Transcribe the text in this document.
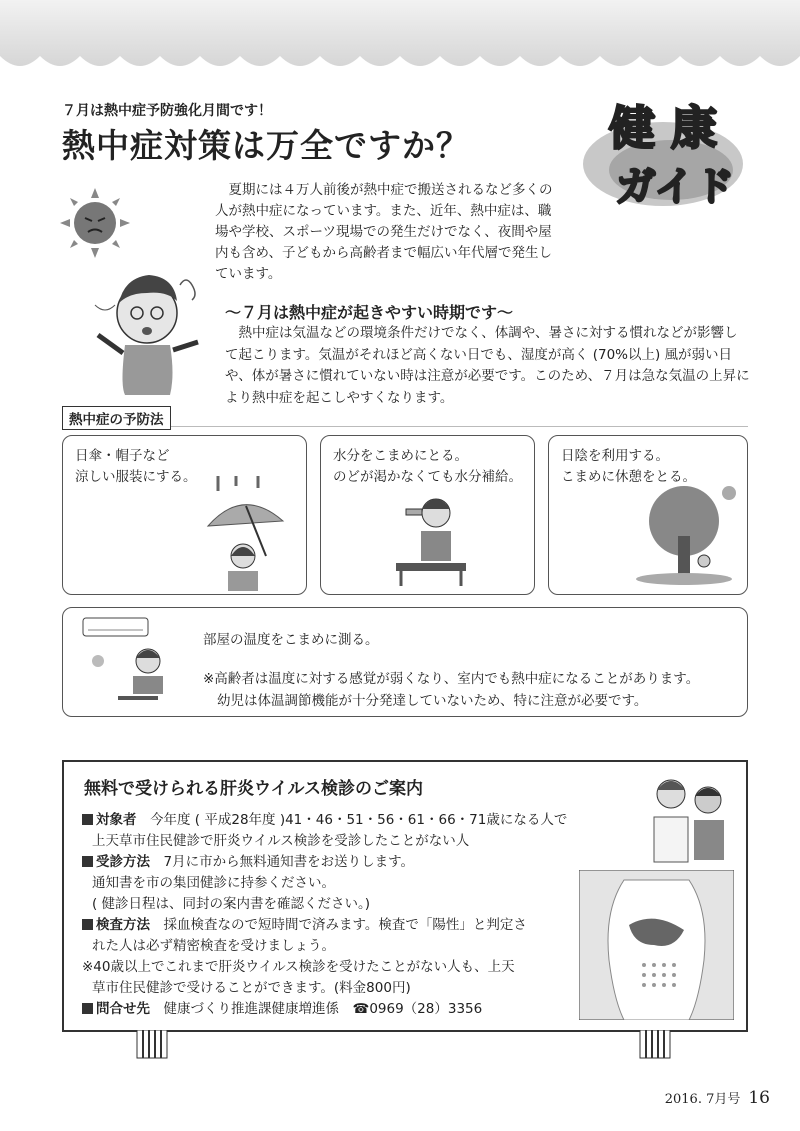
７月は熱中症予防強化月間です！
熱中症対策は万全ですか？	健 康
ガイド
夏期には４万人前後が熱中症で搬送されるなど多くの人が熱中症になっています。また、近年、熱中症は、職場や学校、スポーツ現場での発生だけでなく、夜間や屋内も含め、子どもから高齢者まで幅広い年代層で発生しています。
～７月は熱中症が起きやすい時期です～
熱中症は気温などの環境条件だけでなく、体調や、暑さに対する慣れなどが影響して起こります。気温がそれほど高くない日でも、湿度が高く (70%以上) 風が弱い日や、体が暑さに慣れていない時は注意が必要です。このため、７月は急な気温の上昇により熱中症を起こしやすくなります。
熱中症の予防法
日傘・帽子など
涼しい服装にする。
水分をこまめにとる。
のどが渇かなくても水分補給。
日陰を利用する。
こまめに休憩をとる。
部屋の温度をこまめに測る。
※高齢者は温度に対する感覚が弱くなり、室内でも熱中症になることがあります。
幼児は体温調節機能が十分発達していないため、特に注意が必要です。
無料で受けられる肝炎ウイルス検診のご案内
対象者　 今年度 ( 平成28年度 )41・46・51・56・61・66・71歳になる人で
上天草市住民健診で肝炎ウイルス検診を受診したことがない人
受診方法　 7月に市から無料通知書をお送りします。
通知書を市の集団健診に持参ください。
( 健診日程は、同封の案内書を確認ください。)
検査方法　 採血検査なので短時間で済みます。検査で「陽性」と判定さ
れた人は必ず精密検査を受けましょう。
※40歳以上でこれまで肝炎ウイルス検診を受けたことがない人も、上天
草市住民健診で受けることができます。(料金800円)
問合せ先　 健康づくり推進課健康増進係　 ☎0969（28）3356
2016. 7月号 16
